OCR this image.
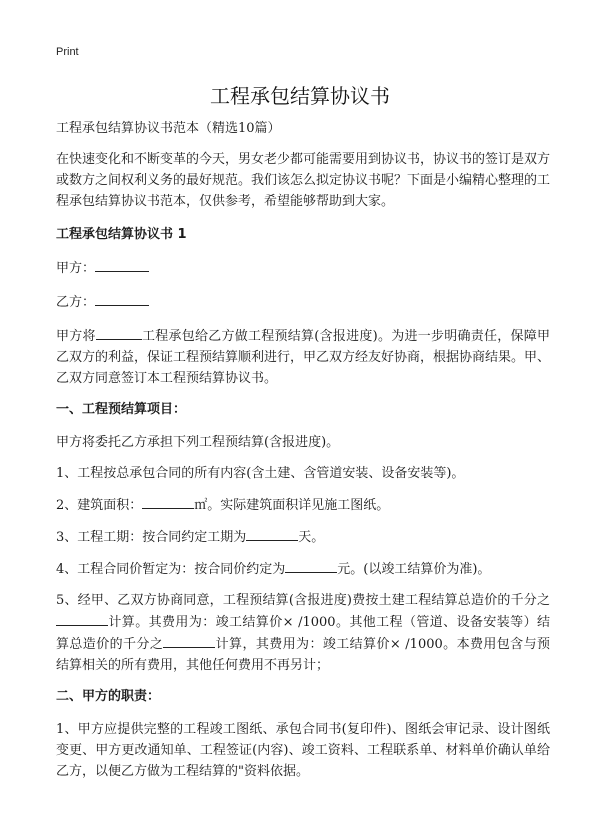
Print
工程承包结算协议书

工程承包结算协议书范本（精选10篇）

在快速变化和不断变革的今天，男女老少都可能需要用到协议书，协议书的签订是双方或数方之间权利义务的最好规范。我们该怎么拟定协议书呢？下面是小编精心整理的工程承包结算协议书范本，仅供参考，希望能够帮助到大家。

工程承包结算协议书 1

甲方：

乙方：

甲方将	工程承包给乙方做工程预结算(含报进度)。为进一步明确责任，保障甲乙双方的利益，保证工程预结算顺利进行，甲乙双方经友好协商，根据协商结果。甲、乙双方同意签订本工程预结算协议书。

一、工程预结算项目：

甲方将委托乙方承担下列工程预结算(含报进度)。

1、工程按总承包合同的所有内容(含土建、含管道安装、设备安装等)。

2、建筑面积：	㎡。实际建筑面积详见施工图纸。

3、工程工期：按合同约定工期为	天。

4、工程合同价暂定为：按合同价约定为	元。(以竣工结算价为准)。

5、经甲、乙双方协商同意，工程预结算(含报进度)费按土建工程结算总造价的千分之计算。其费用为：竣工结算价× /1000。其他工程（管道、设备安装等）结算总造价的千分之	计算，其费用为：竣工结算价× /1000。本费用包含与预结算相关的所有费用，其他任何费用不再另计；

二、甲方的职责：

1、甲方应提供完整的工程竣工图纸、承包合同书(复印件)、图纸会审记录、设计图纸变更、甲方更改通知单、工程签证(内容)、竣工资料、工程联系单、材料单价确认单给乙方，以便乙方做为工程结算的"资料依据。
